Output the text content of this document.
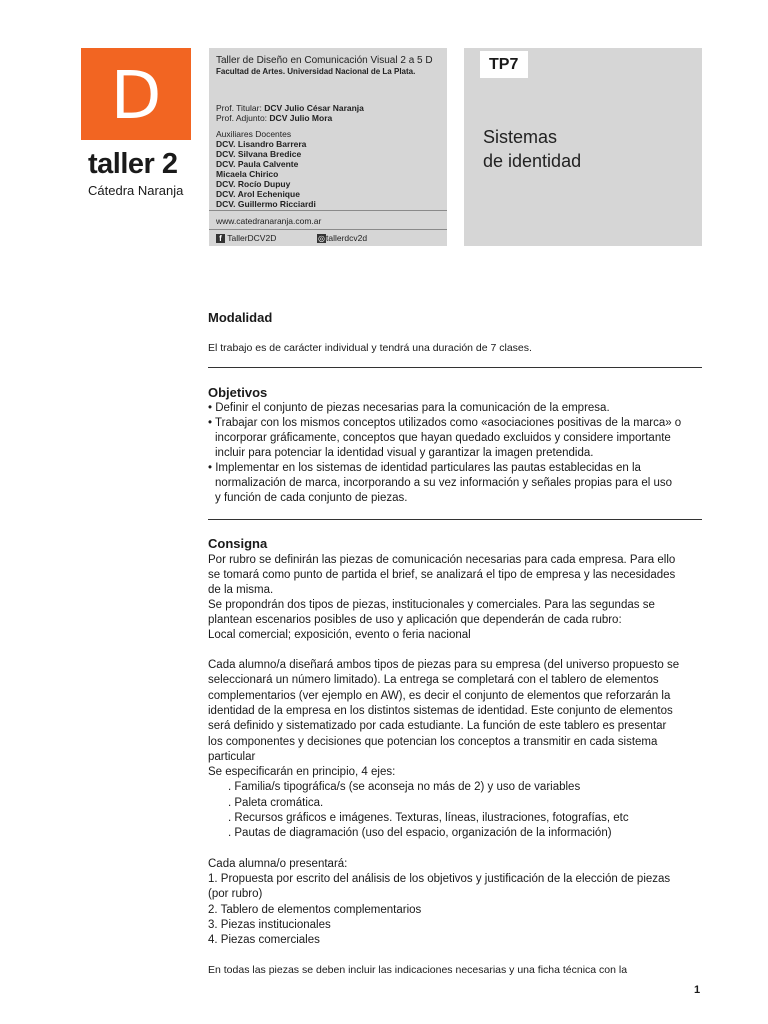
D
taller 2
Cátedra Naranja
Taller de Diseño en Comunicación Visual 2 a 5 D
Facultad de Artes. Universidad Nacional de La Plata.
Prof. Titular: DCV Julio César Naranja
Prof. Adjunto: DCV Julio Mora
Auxiliares Docentes
DCV. Lisandro Barrera
DCV. Silvana Bredice
DCV. Paula Calvente
Micaela Chirico
DCV. Rocío Dupuy
DCV. Arol Echenique
DCV. Guillermo Ricciardi
www.catedranaranja.com.ar
f TallerDCV2D	◎tallerdcv2d
TP7
Sistemas
de identidad
Modalidad
El trabajo es de carácter individual y tendrá una duración de 7 clases.
Objetivos
• Definir el conjunto de piezas necesarias para la comunicación de la empresa.
• Trabajar con los mismos conceptos utilizados como «asociaciones positivas de la marca» o
incorporar gráficamente, conceptos que hayan quedado excluidos y considere importante
incluir para potenciar la identidad visual y garantizar la imagen pretendida.
• Implementar en los sistemas de identidad particulares las pautas establecidas en la
normalización de marca, incorporando a su vez información y señales propias para el uso
y función de cada conjunto de piezas.
Consigna
Por rubro se definirán las piezas de comunicación necesarias para cada empresa. Para ello
se tomará como punto de partida el brief, se analizará el tipo de empresa y las necesidades
de la misma.
Se propondrán dos tipos de piezas, institucionales y comerciales. Para las segundas se
plantean escenarios posibles de uso y aplicación que dependerán de cada rubro:
Local comercial; exposición, evento o feria nacional
Cada alumno/a diseñará ambos tipos de piezas para su empresa (del universo propuesto se
seleccionará un número limitado). La entrega se completará con el tablero de elementos
complementarios (ver ejemplo en AW), es decir el conjunto de elementos que reforzarán la
identidad de la empresa en los distintos sistemas de identidad. Este conjunto de elementos
será definido y sistematizado por cada estudiante. La función de este tablero es presentar
los componentes y decisiones que potencian los conceptos a transmitir en cada sistema
particular
Se especificarán en principio, 4 ejes:
. Familia/s tipográfica/s (se aconseja no más de 2) y uso de variables
. Paleta cromática.
. Recursos gráficos e imágenes. Texturas, líneas, ilustraciones, fotografías, etc
. Pautas de diagramación (uso del espacio, organización de la información)
Cada alumna/o presentará:
1. Propuesta por escrito del análisis de los objetivos y justificación de la elección de piezas
(por rubro)
2. Tablero de elementos complementarios
3. Piezas institucionales
4. Piezas comerciales
En todas las piezas se deben incluir las indicaciones necesarias y una ficha técnica con la
1
